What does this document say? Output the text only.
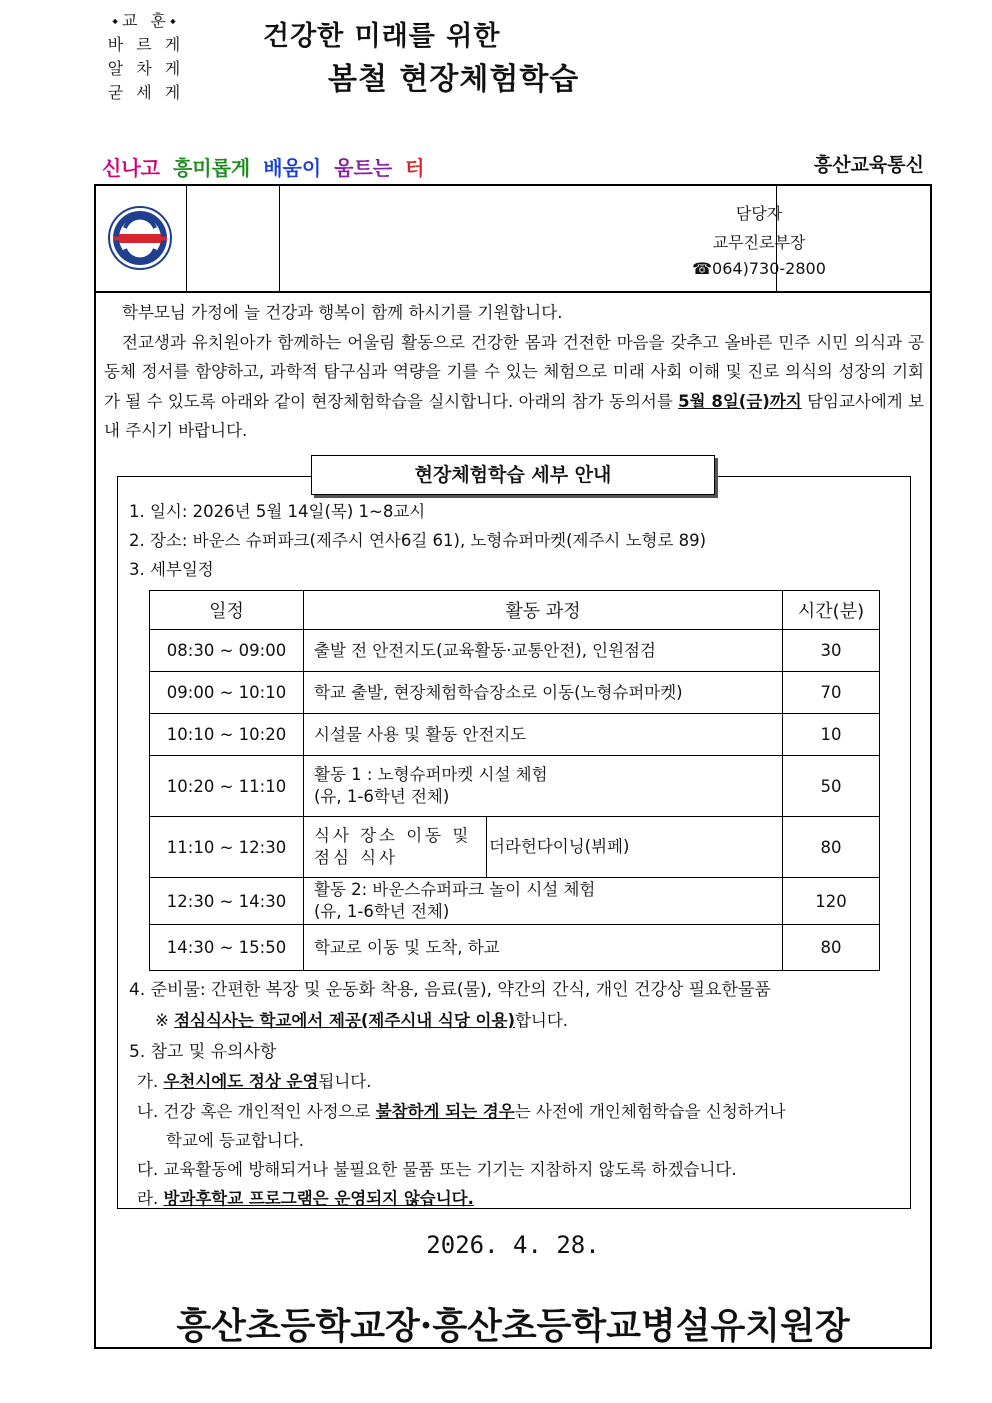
신나고 흥미롭게 배움이 움트는 터	흥산교육통신
⬩교 훈⬩
바 르 게
알 차 게
굳 세 게
건강한 미래를 위한
봄철 현장체험학습
담당자
교무진로부장
☎064)730-2800

학부모님 가정에 늘 건강과 행복이 함께 하시기를 기원합니다.

전교생과 유치원아가 함께하는 어울림 활동으로 건강한 몸과 건전한 마음을 갖추고 올바른 민주 시민 의식과 공동체 정서를 함양하고, 과학적 탐구심과 역량을 기를 수 있는 체험으로 미래 사회 이해 및 진로 의식의 성장의 기회가 될 수 있도록 아래와 같이 현장체험학습을 실시합니다. 아래의 참가 동의서를 5월 8일(금)까지 담임교사에게 보내 주시기 바랍니다.

현장체험학습 세부 안내
1. 일시: 2026년 5월 14일(목) 1~8교시
2. 장소: 바운스 슈퍼파크(제주시 연사6길 61), 노형슈퍼마켓(제주시 노형로 89)
3. 세부일정
일정	활동 과정		시간(분)
08:30 ~ 09:00	출발 전 안전지도(교육활동·교통안전), 인원점검		30
09:00 ~ 10:10	학교 출발, 현장체험학습장소로 이동(노형슈퍼마켓)		70
10:10 ~ 10:20	시설물 사용 및 활동 안전지도		10
10:20 ~ 11:10	활동 1 : 노형슈퍼마켓 시설 체험
(유, 1-6학년 전체)		50
11:10 ~ 12:30	식사 장소 이동 및
점심 식사	더라헌다이닝(뷔페)	80
12:30 ~ 14:30	활동 2: 바운스슈퍼파크 놀이 시설 체험
(유, 1-6학년 전체)		120
14:30 ~ 15:50	학교로 이동 및 도착, 하교		80
4. 준비물: 간편한 복장 및 운동화 착용, 음료(물), 약간의 간식, 개인 건강상 필요한물품
※ 점심식사는 학교에서 제공(제주시내 식당 이용)합니다.
5. 참고 및 유의사항
가. 우천시에도 정상 운영됩니다.
나. 건강 혹은 개인적인 사정으로 불참하게 되는 경우는 사전에 개인체험학습을 신청하거나
학교에 등교합니다.
다. 교육활동에 방해되거나 불필요한 물품 또는 기기는 지참하지 않도록 하겠습니다.
라. 방과후학교 프로그램은 운영되지 않습니다.
2026. 4. 28.
흥산초등학교장·흥산초등학교병설유치원장
